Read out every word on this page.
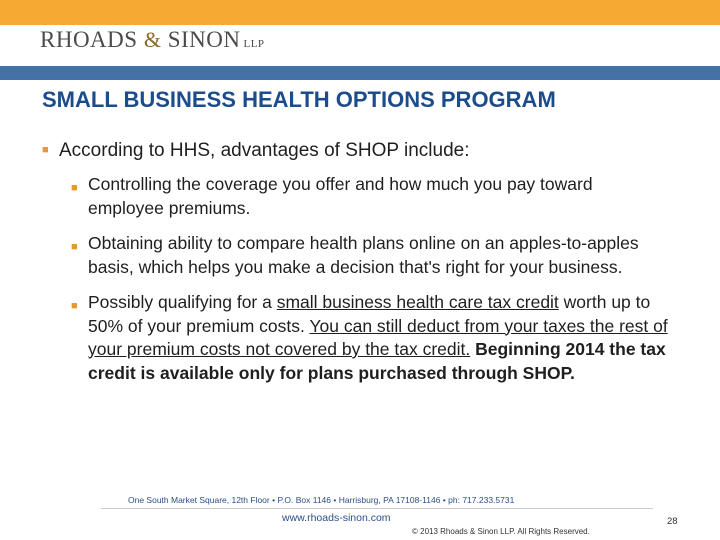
RHOADS & SINON LLP
SMALL BUSINESS HEALTH OPTIONS PROGRAM
■ According to HHS, advantages of SHOP include:
■ Controlling the coverage you offer and how much you pay toward employee premiums.
■ Obtaining ability to compare health plans online on an apples-to-apples basis, which helps you make a decision that's right for your business.
■ Possibly qualifying for a small business health care tax credit worth up to 50% of your premium costs. You can still deduct from your taxes the rest of your premium costs not covered by the tax credit. Beginning 2014 the tax credit is available only for plans purchased through SHOP.
One South Market Square, 12th Floor • P.O. Box 1146 • Harrisburg, PA 17108-1146 • ph: 717.233.5731
www.rhoads-sinon.com
© 2013 Rhoads & Sinon LLP. All Rights Reserved.
28
